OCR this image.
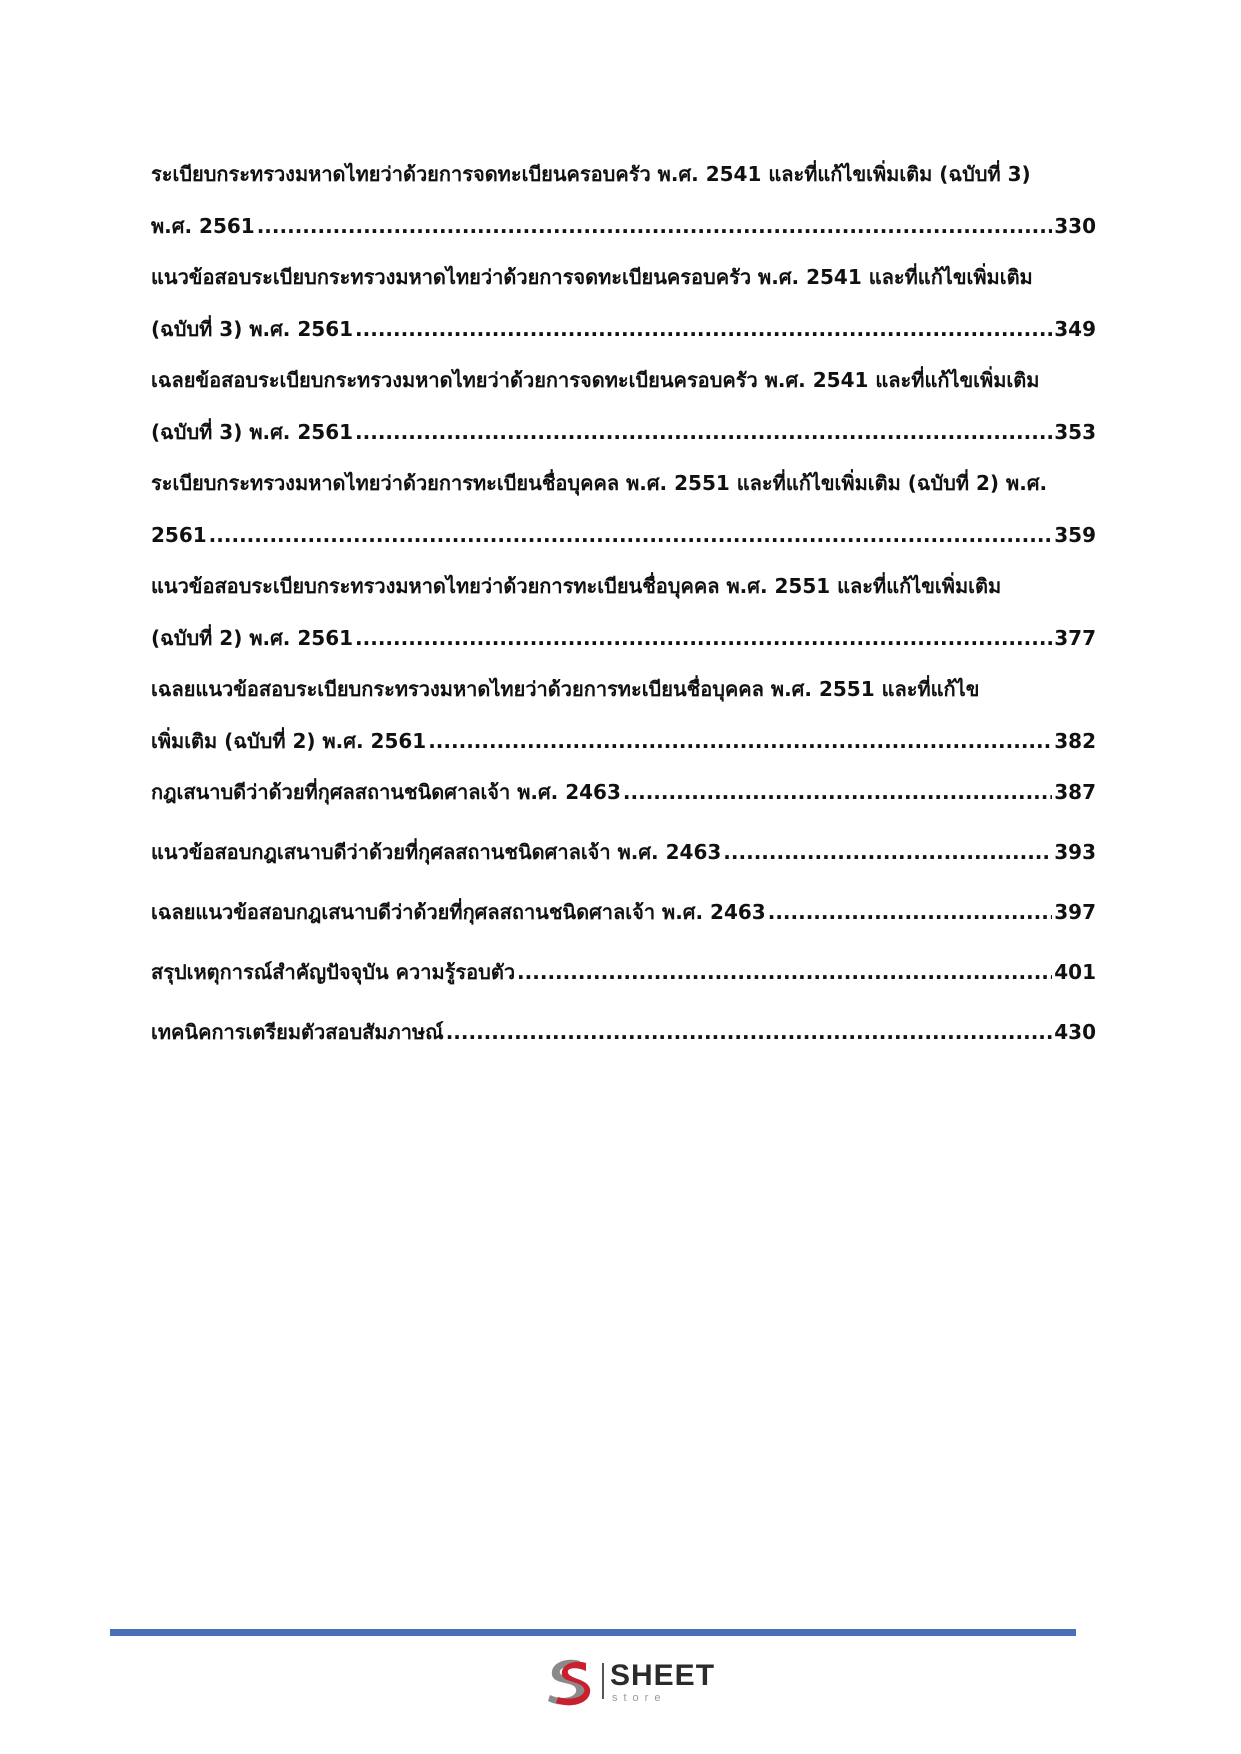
ระเบียบกระทรวงมหาดไทยว่าด้วยการจดทะเบียนครอบครัว พ.ศ. 2541 และที่แก้ไขเพิ่มเติม (ฉบับที่ 3)
พ.ศ. 2561 .....	330
แนวข้อสอบระเบียบกระทรวงมหาดไทยว่าด้วยการจดทะเบียนครอบครัว พ.ศ. 2541 และที่แก้ไขเพิ่มเติม
(ฉบับที่ 3) พ.ศ. 2561 .....	349
เฉลยข้อสอบระเบียบกระทรวงมหาดไทยว่าด้วยการจดทะเบียนครอบครัว พ.ศ. 2541 และที่แก้ไขเพิ่มเติม
(ฉบับที่ 3) พ.ศ. 2561 .....	353
ระเบียบกระทรวงมหาดไทยว่าด้วยการทะเบียนชื่อบุคคล พ.ศ. 2551 และที่แก้ไขเพิ่มเติม (ฉบับที่ 2) พ.ศ.
2561 .....	359
แนวข้อสอบระเบียบกระทรวงมหาดไทยว่าด้วยการทะเบียนชื่อบุคคล พ.ศ. 2551 และที่แก้ไขเพิ่มเติม
(ฉบับที่ 2) พ.ศ. 2561 .....	377
เฉลยแนวข้อสอบระเบียบกระทรวงมหาดไทยว่าด้วยการทะเบียนชื่อบุคคล พ.ศ. 2551 และที่แก้ไข
เพิ่มเติม (ฉบับที่ 2) พ.ศ. 2561 .....	382
กฎเสนาบดีว่าด้วยที่กุศลสถานชนิดศาลเจ้า พ.ศ. 2463 .....	387
แนวข้อสอบกฎเสนาบดีว่าด้วยที่กุศลสถานชนิดศาลเจ้า พ.ศ. 2463 .....	393
เฉลยแนวข้อสอบกฎเสนาบดีว่าด้วยที่กุศลสถานชนิดศาลเจ้า พ.ศ. 2463 .....	397
สรุปเหตุการณ์สำคัญปัจจุบัน ความรู้รอบตัว .....	401
เทคนิคการเตรียมตัวสอบสัมภาษณ์ .....	430
SHEET
store
